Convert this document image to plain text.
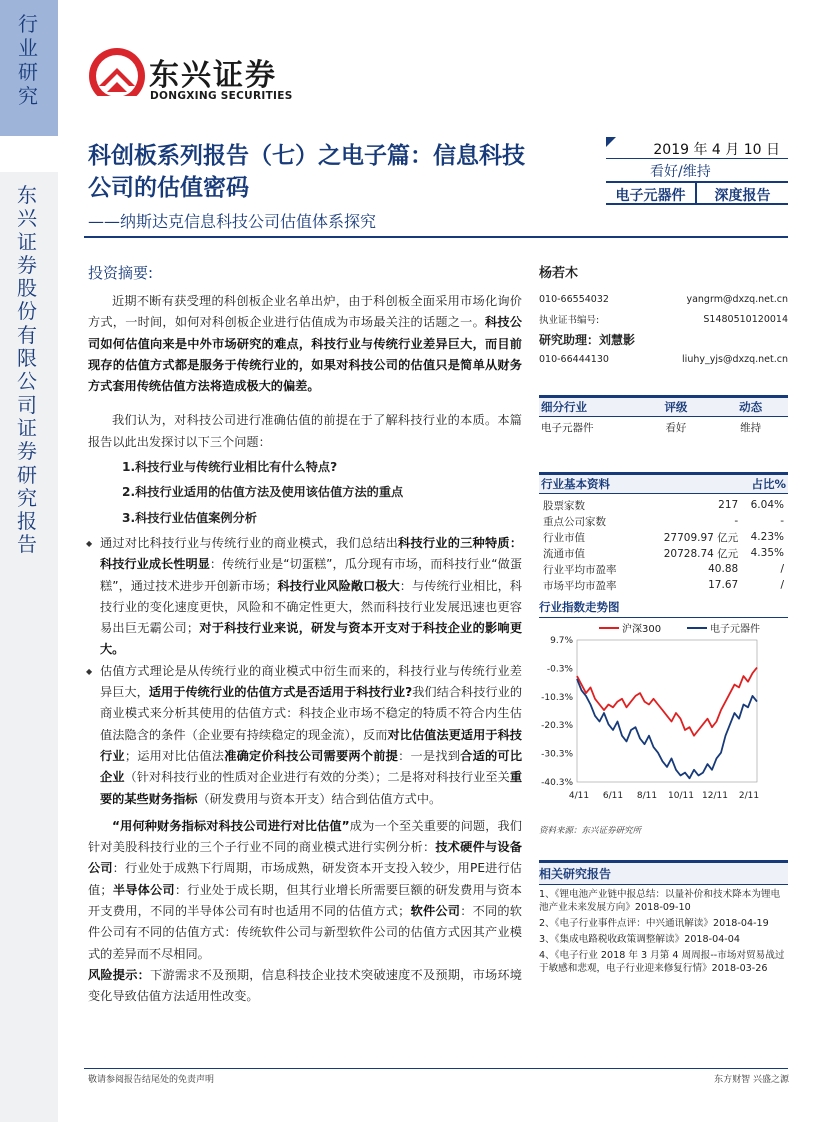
行业研究
东兴证券股份有限公司证券研究报告
东兴证券
DONGXING SECURITIES
科创板系列报告（七）之电子篇：信息科技公司的估值密码
——纳斯达克信息科技公司估值体系探究
2019 年 4 月 10 日
看好/维持
电子元器件	深度报告
投资摘要:

近期不断有获受理的科创板企业名单出炉，由于科创板全面采用市场化询价方式，一时间，如何对科创板企业进行估值成为市场最关注的话题之一。科技公司如何估值向来是中外市场研究的难点，科技行业与传统行业差异巨大，而目前现存的估值方式都是服务于传统行业的，如果对科技公司的估值只是简单从财务方式套用传统估值方法将造成极大的偏差。

我们认为，对科技公司进行准确估值的前提在于了解科技行业的本质。本篇报告以此出发探讨以下三个问题：

1.科技行业与传统行业相比有什么特点?
2.科技行业适用的估值方法及使用该估值方法的重点
3.科技行业估值案例分析
◆ 通过对比科技行业与传统行业的商业模式，我们总结出科技行业的三种特质：科技行业成长性明显：传统行业是“切蛋糕”，瓜分现有市场，而科技行业“做蛋糕”，通过技术进步开创新市场；科技行业风险敞口极大：与传统行业相比，科技行业的变化速度更快，风险和不确定性更大，然而科技行业发展迅速也更容易出巨无霸公司；对于科技行业来说，研发与资本开支对于科技企业的影响更大。
◆ 估值方式理论是从传统行业的商业模式中衍生而来的，科技行业与传统行业差异巨大，适用于传统行业的估值方式是否适用于科技行业?我们结合科技行业的商业模式来分析其使用的估值方式：科技企业市场不稳定的特质不符合内生估值法隐含的条件（企业要有持续稳定的现金流），反而对比估值法更适用于科技行业；运用对比估值法准确定价科技公司需要两个前提：一是找到合适的可比企业（针对科技行业的性质对企业进行有效的分类）；二是将对科技行业至关重要的某些财务指标（研发费用与资本开支）结合到估值方式中。

“用何种财务指标对科技公司进行对比估值”成为一个至关重要的问题，我们针对美股科技行业的三个子行业不同的商业模式进行实例分析：技术硬件与设备公司：行业处于成熟下行周期，市场成熟，研发资本开支投入较少，用PE进行估值；半导体公司：行业处于成长期，但其行业增长所需要巨额的研发费用与资本开支费用，不同的半导体公司有时也适用不同的估值方式；软件公司：不同的软件公司有不同的估值方式：传统软件公司与新型软件公司的估值方式因其产业模式的差异而不尽相同。

风险提示：下游需求不及预期，信息科技企业技术突破速度不及预期，市场环境变化导致估值方法适用性改变。

杨若木
010-66554032	yangrm@dxzq.net.cn
执业证书编号:	S1480510120014
研究助理：刘慧影
010-66444130	liuhy_yjs@dxzq.net.cn
细分行业	评级	动态
电子元器件	看好	维持
行业基本资料	占比%
股票家数	217	6.04%
重点公司家数	-	-
行业市值	27709.97 亿元	4.23%
流通市值	20728.74 亿元	4.35%
行业平均市盈率	40.88	/
市场平均市盈率	17.67	/
行业指数走势图
沪深300	电子元器件
9.7%
-0.3%
-10.3%
-20.3%
-30.3%
-40.3%
4/11 6/11 8/11 10/11 12/11 2/11
资料来源：东兴证券研究所
相关研究报告
1、《锂电池产业链中报总结：以量补价和技术降本为锂电池产业未来发展方向》2018-09-10
2、《电子行业事件点评：中兴通讯解读》2018-04-19
3、《集成电路税收政策调整解读》2018-04-04
4、《电子行业 2018 年 3 月第 4 周周报--市场对贸易战过于敏感和悲观，电子行业迎来修复行情》2018-03-26
敬请参阅报告结尾处的免责声明	东方财智 兴盛之源
